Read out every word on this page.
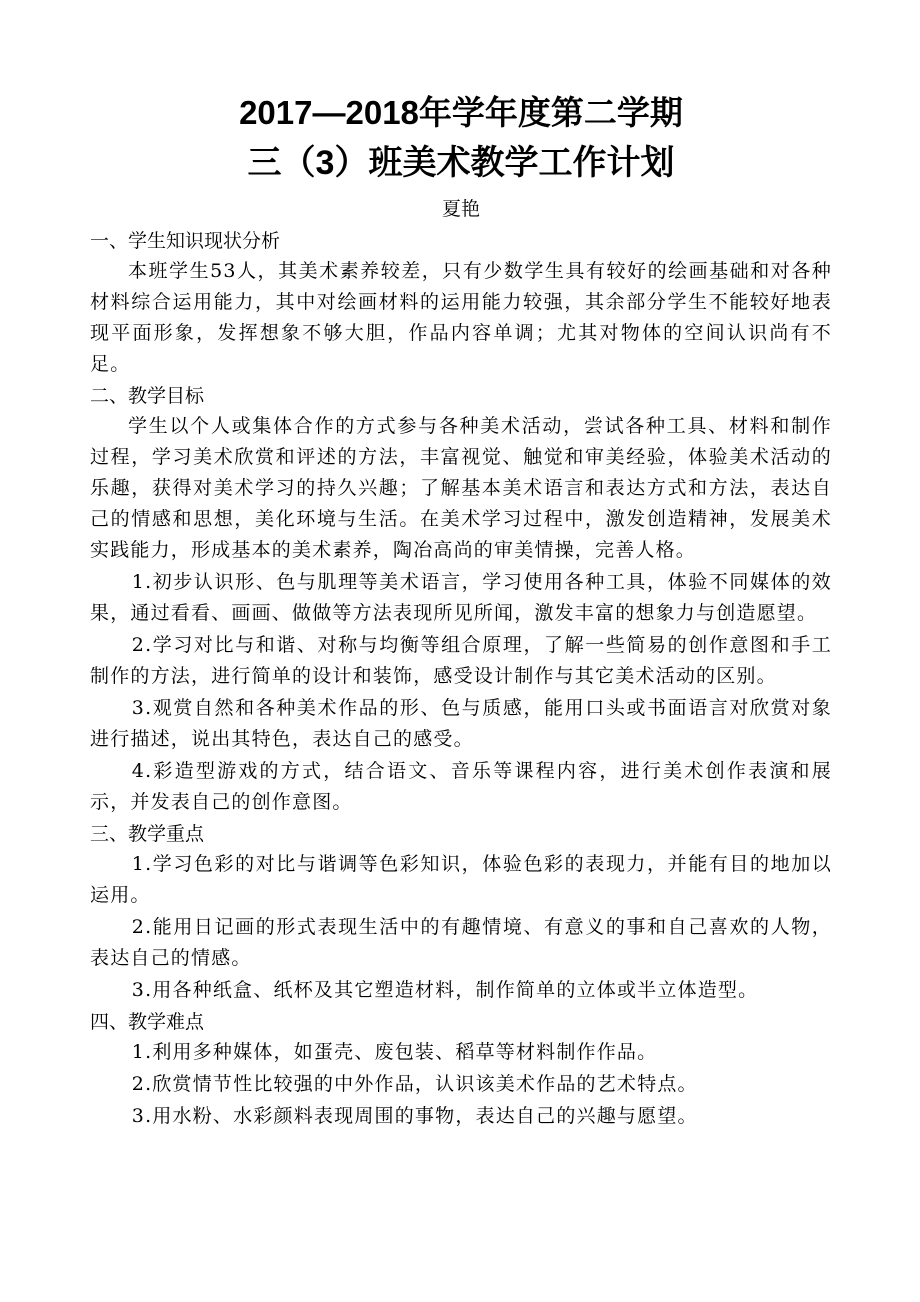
2017—2018年学年度第二学期
三（3）班美术教学工作计划

夏艳

一、学生知识现状分析

本班学生53人，其美术素养较差，只有少数学生具有较好的绘画基础和对各种材料综合运用能力，其中对绘画材料的运用能力较强，其余部分学生不能较好地表现平面形象，发挥想象不够大胆，作品内容单调；尤其对物体的空间认识尚有不足。

二、教学目标

学生以个人或集体合作的方式参与各种美术活动，尝试各种工具、材料和制作过程，学习美术欣赏和评述的方法，丰富视觉、触觉和审美经验，体验美术活动的乐趣，获得对美术学习的持久兴趣；了解基本美术语言和表达方式和方法，表达自己的情感和思想，美化环境与生活。在美术学习过程中，激发创造精神，发展美术实践能力，形成基本的美术素养，陶冶高尚的审美情操，完善人格。

1.初步认识形、色与肌理等美术语言，学习使用各种工具，体验不同媒体的效果，通过看看、画画、做做等方法表现所见所闻，激发丰富的想象力与创造愿望。

2.学习对比与和谐、对称与均衡等组合原理，了解一些简易的创作意图和手工制作的方法，进行简单的设计和装饰，感受设计制作与其它美术活动的区别。

3.观赏自然和各种美术作品的形、色与质感，能用口头或书面语言对欣赏对象进行描述，说出其特色，表达自己的感受。

4.彩造型游戏的方式，结合语文、音乐等课程内容，进行美术创作表演和展示，并发表自己的创作意图。

三、教学重点

1.学习色彩的对比与谐调等色彩知识，体验色彩的表现力，并能有目的地加以运用。

2.能用日记画的形式表现生活中的有趣情境、有意义的事和自己喜欢的人物，表达自己的情感。

3.用各种纸盒、纸杯及其它塑造材料，制作简单的立体或半立体造型。

四、教学难点

1.利用多种媒体，如蛋壳、废包装、稻草等材料制作作品。

2.欣赏情节性比较强的中外作品，认识该美术作品的艺术特点。

3.用水粉、水彩颜料表现周围的事物，表达自己的兴趣与愿望。
